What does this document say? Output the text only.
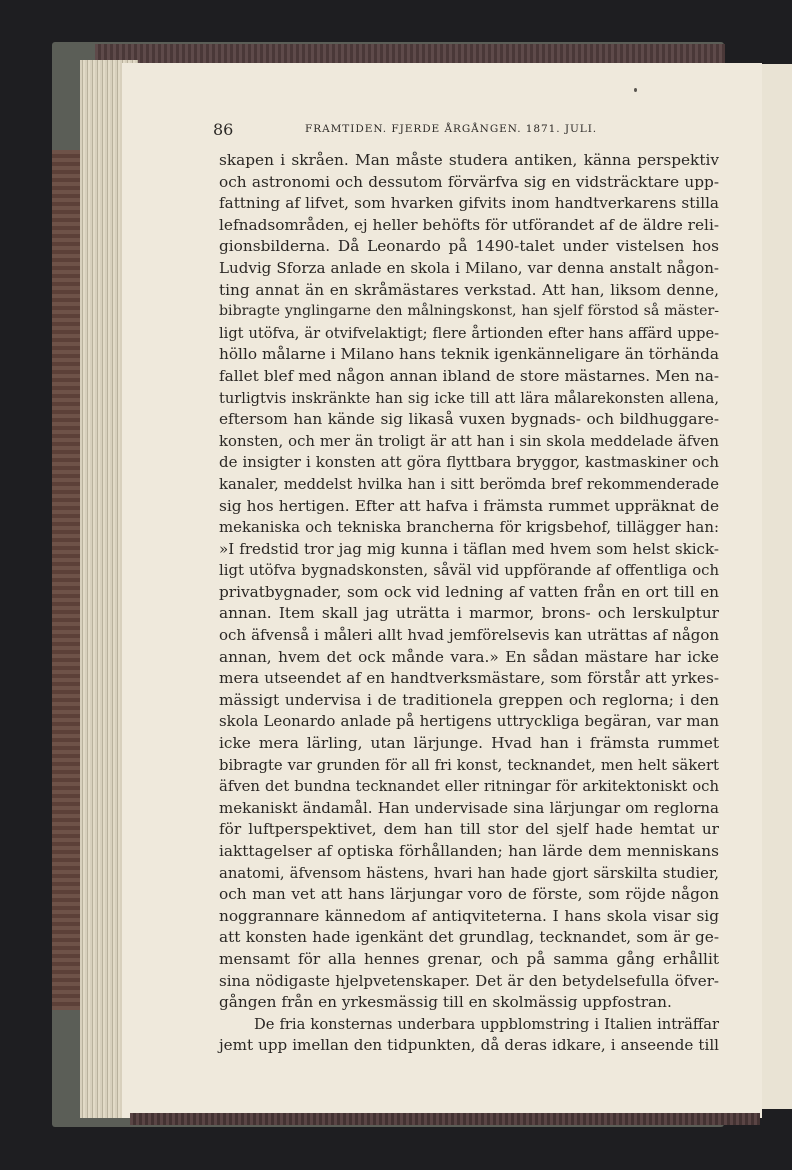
86	FRAMTIDEN. FJERDE ÅRGÅNGEN. 1871. JULI.
skapen i skråen. Man måste studera antiken, känna perspektiv
och astronomi och dessutom förvärfva sig en vidsträcktare upp-
fattning af lifvet, som hvarken gifvits inom handtverkarens stilla
lefnadsområden, ej heller behöfts för utförandet af de äldre reli-
gionsbilderna. Då Leonardo på 1490-talet under vistelsen hos
Ludvig Sforza anlade en skola i Milano, var denna anstalt någon-
ting annat än en skråmästares verkstad. Att han, liksom denne,
bibragte ynglingarne den målningskonst, han sjelf förstod så mäster-
ligt utöfva, är otvifvelaktigt; flere årtionden efter hans affärd uppe-
höllo målarne i Milano hans teknik igenkänneligare än törhända
fallet blef med någon annan ibland de store mästarnes. Men na-
turligtvis inskränkte han sig icke till att lära målarekonsten allena,
eftersom han kände sig likaså vuxen bygnads- och bildhuggare-
konsten, och mer än troligt är att han i sin skola meddelade äfven
de insigter i konsten att göra flyttbara bryggor, kastmaskiner och
kanaler, meddelst hvilka han i sitt berömda bref rekommenderade
sig hos hertigen. Efter att hafva i främsta rummet uppräknat de
mekaniska och tekniska brancherna för krigsbehof, tillägger han:
»I fredstid tror jag mig kunna i täflan med hvem som helst skick-
ligt utöfva bygnadskonsten, såväl vid uppförande af offentliga och
privatbygnader, som ock vid ledning af vatten från en ort till en
annan. Item skall jag uträtta i marmor, brons- och lerskulptur
och äfvenså i måleri allt hvad jemförelsevis kan uträttas af någon
annan, hvem det ock månde vara.» En sådan mästare har icke
mera utseendet af en handtverksmästare, som förstår att yrkes-
mässigt undervisa i de traditionela greppen och reglorna; i den
skola Leonardo anlade på hertigens uttryckliga begäran, var man
icke mera lärling, utan lärjunge. Hvad han i främsta rummet
bibragte var grunden för all fri konst, tecknandet, men helt säkert
äfven det bundna tecknandet eller ritningar för arkitektoniskt och
mekaniskt ändamål. Han undervisade sina lärjungar om reglorna
för luftperspektivet, dem han till stor del sjelf hade hemtat ur
iakttagelser af optiska förhållanden; han lärde dem menniskans
anatomi, äfvensom hästens, hvari han hade gjort särskilta studier,
och man vet att hans lärjungar voro de förste, som röjde någon
noggrannare kännedom af antiqviteterna. I hans skola visar sig
att konsten hade igenkänt det grundlag, tecknandet, som är ge-
mensamt för alla hennes grenar, och på samma gång erhållit
sina nödigaste hjelpvetenskaper. Det är den betydelsefulla öfver-
gången från en yrkesmässig till en skolmässig uppfostran.
De fria konsternas underbara uppblomstring i Italien inträffar
jemt upp imellan den tidpunkten, då deras idkare, i anseende till
